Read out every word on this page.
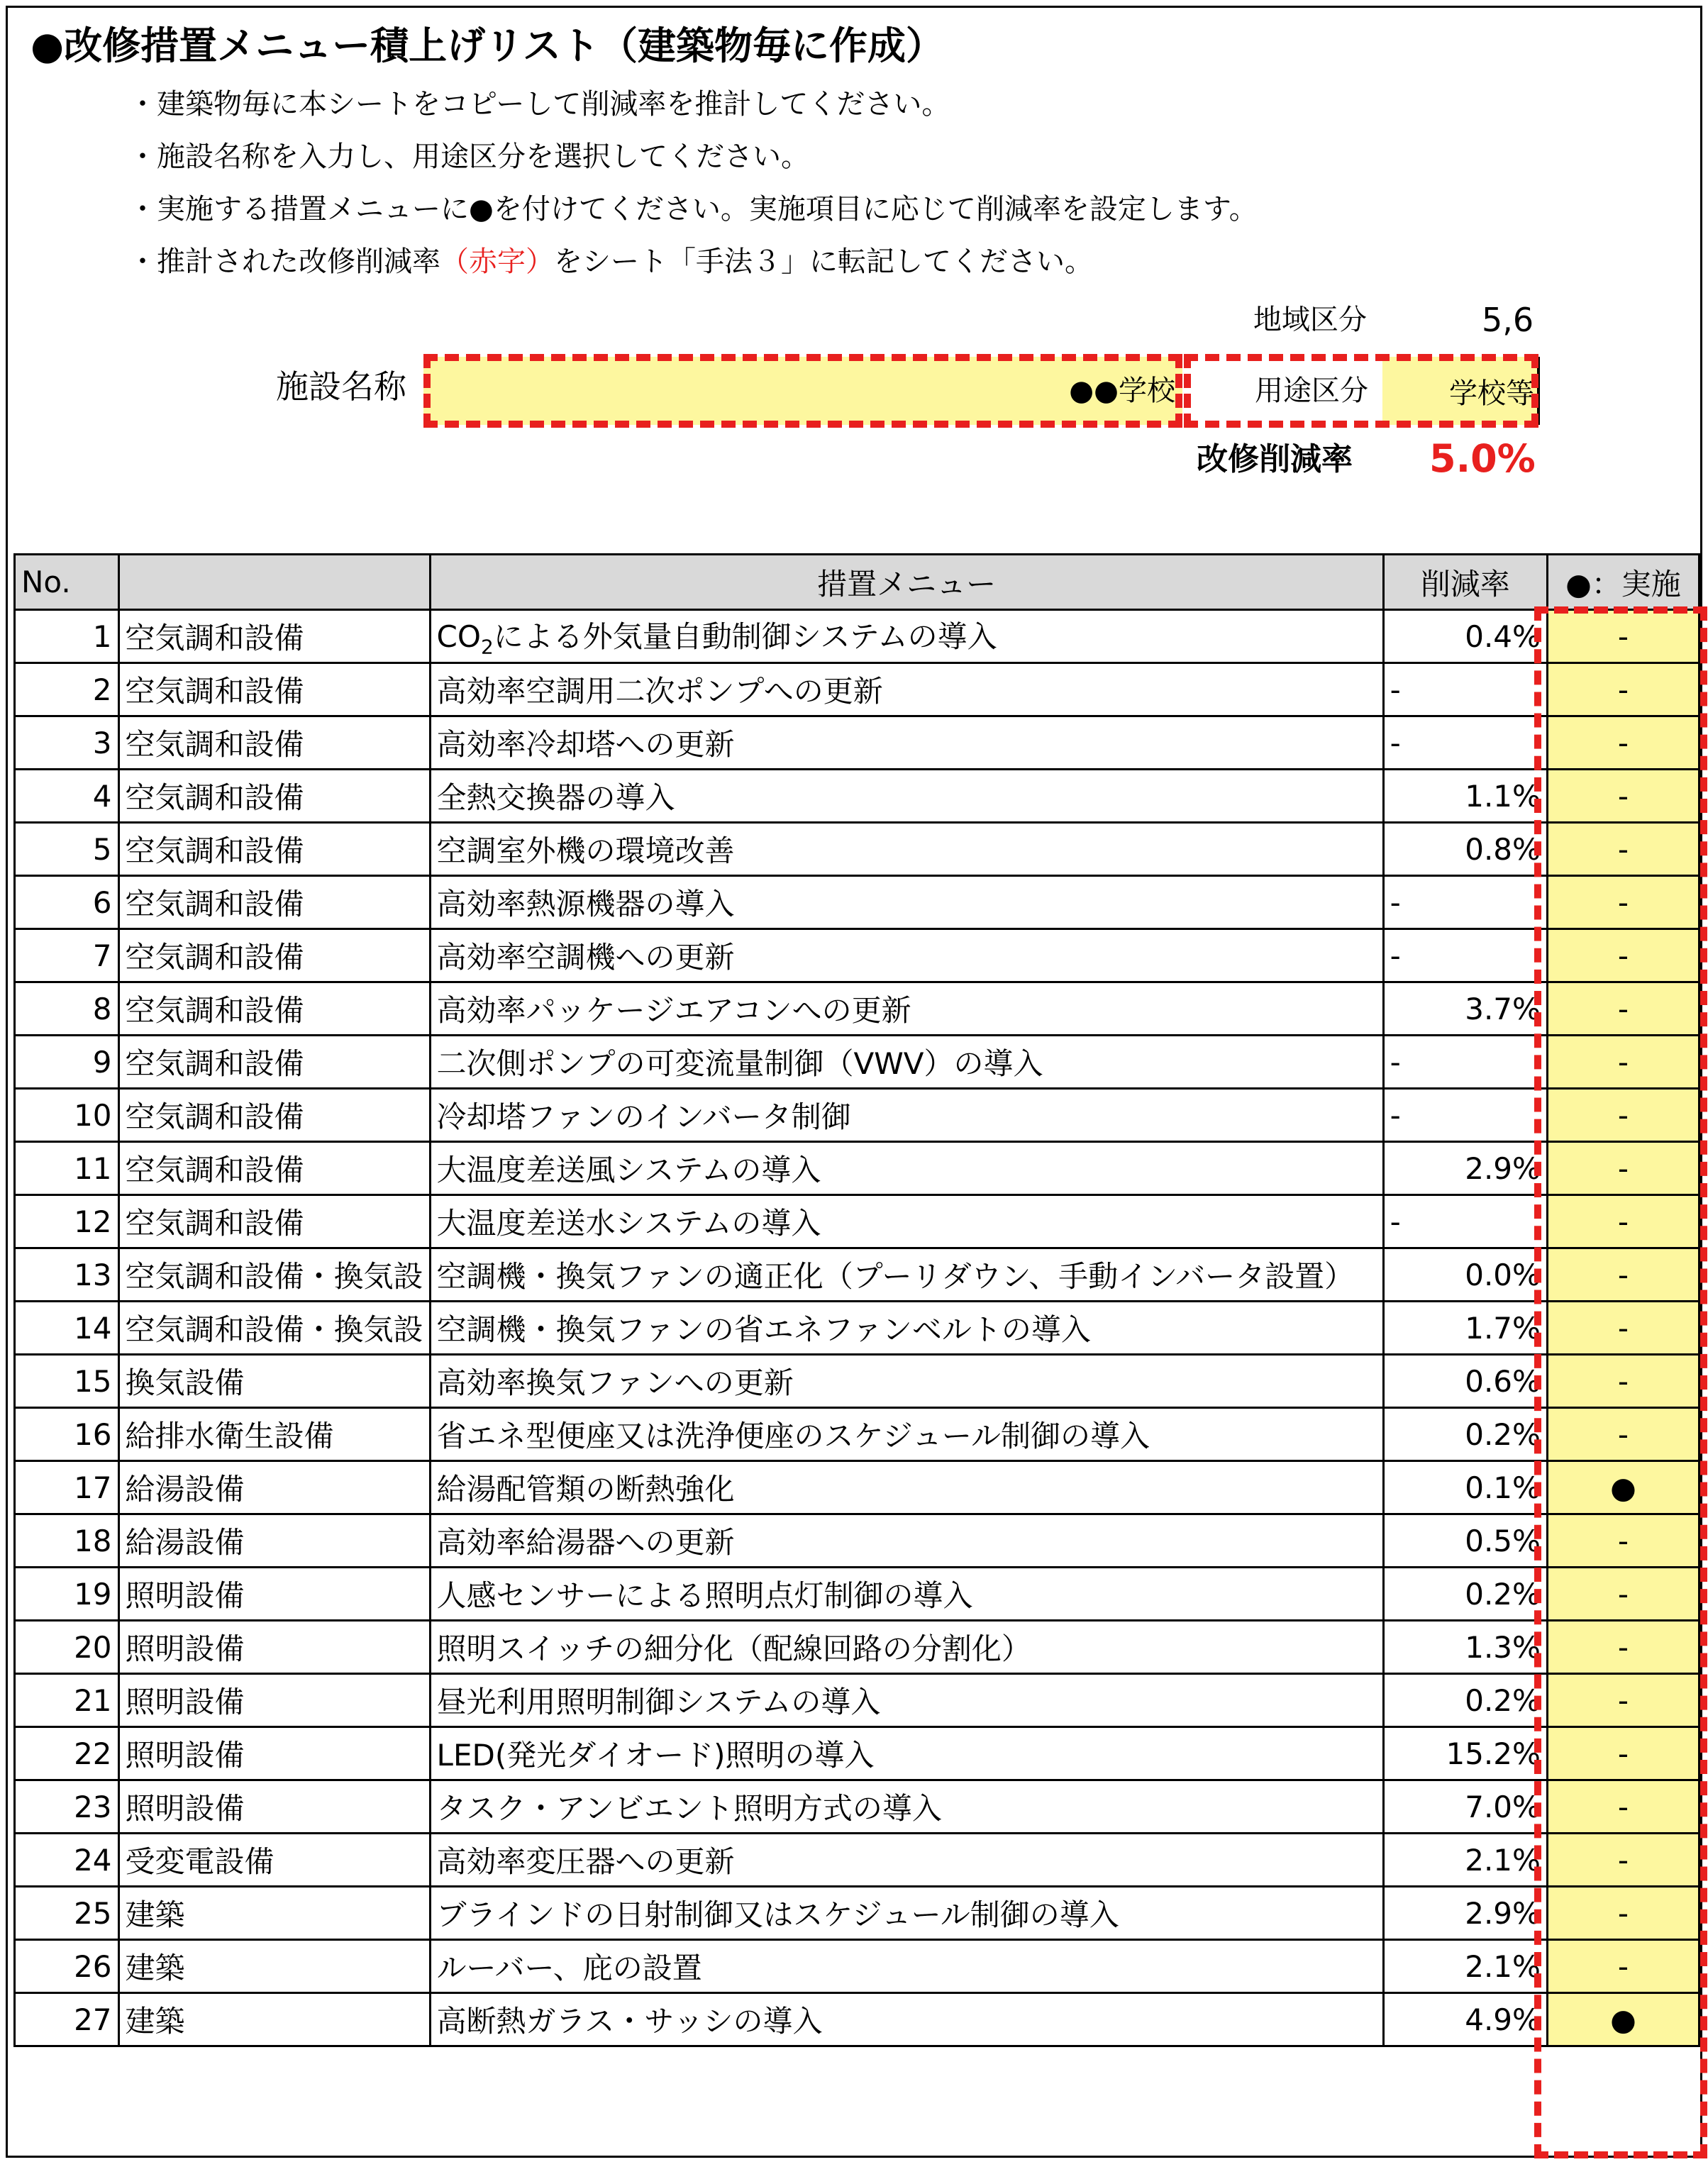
●改修措置メニュー積上げリスト（建築物毎に作成）
・建築物毎に本シートをコピーして削減率を推計してください。
・施設名称を入力し、用途区分を選択してください。
・実施する措置メニューに●を付けてください。実施項目に応じて削減率を設定します。
・推計された改修削減率（赤字）をシート「手法３」に転記してください。
地域区分	5,6
施設名称	●●学校	用途区分	学校等
改修削減率 5.0%
No.		措置メニュー	削減率	●：実施
1	空気調和設備	$CO_2$による外気量自動制御システムの導入	0.4%	-
2	空気調和設備	高効率空調用二次ポンプへの更新	-	-
3	空気調和設備	高効率冷却塔への更新	-	-
4	空気調和設備	全熱交換器の導入	1.1%	-
5	空気調和設備	空調室外機の環境改善	0.8%	-
6	空気調和設備	高効率熱源機器の導入	-	-
7	空気調和設備	高効率空調機への更新	-	-
8	空気調和設備	高効率パッケージエアコンへの更新	3.7%	-
9	空気調和設備	二次側ポンプの可変流量制御（VWV）の導入	-	-
10	空気調和設備	冷却塔ファンのインバータ制御	-	-
11	空気調和設備	大温度差送風システムの導入	2.9%	-
12	空気調和設備	大温度差送水システムの導入	-	-
13	空気調和設備・換気設	空調機・換気ファンの適正化（プーリダウン、手動インバータ設置）	0.0%	-
14	空気調和設備・換気設	空調機・換気ファンの省エネファンベルトの導入	1.7%	-
15	換気設備	高効率換気ファンへの更新	0.6%	-
16	給排水衛生設備	省エネ型便座又は洗浄便座のスケジュール制御の導入	0.2%	-
17	給湯設備	給湯配管類の断熱強化	0.1%	●
18	給湯設備	高効率給湯器への更新	0.5%	-
19	照明設備	人感センサーによる照明点灯制御の導入	0.2%	-
20	照明設備	照明スイッチの細分化（配線回路の分割化）	1.3%	-
21	照明設備	昼光利用照明制御システムの導入	0.2%	-
22	照明設備	LED(発光ダイオード)照明の導入	15.2%	-
23	照明設備	タスク・アンビエント照明方式の導入	7.0%	-
24	受変電設備	高効率変圧器への更新	2.1%	-
25	建築	ブラインドの日射制御又はスケジュール制御の導入	2.9%	-
26	建築	ルーバー、庇の設置	2.1%	-
27	建築	高断熱ガラス・サッシの導入	4.9%	●
